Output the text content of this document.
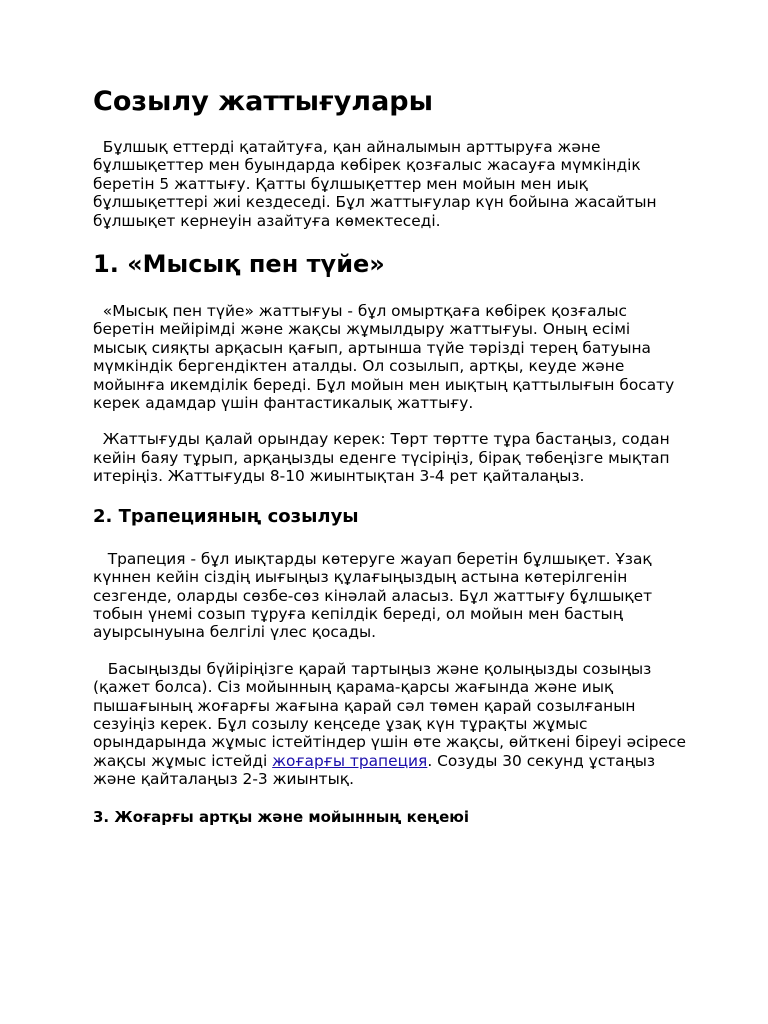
Созылу жаттығулары

Бұлшық еттерді қатайтуға, қан айналымын арттыруға және бұлшықеттер мен буындарда көбірек қозғалыс жасауға мүмкіндік беретін 5 жаттығу. Қатты бұлшықеттер мен мойын мен иық бұлшықеттері жиі кездеседі. Бұл жаттығулар күн бойына жасайтын бұлшықет кернеуін азайтуға көмектеседі.

1. «Мысық пен түйе»

«Мысық пен түйе» жаттығуы - бұл омыртқаға көбірек қозғалыс беретін мейірімді және жақсы жұмылдыру жаттығуы. Оның есімі мысық сияқты арқасын қағып, артынша түйе тәрізді терең батуына мүмкіндік бергендіктен аталды. Ол созылып, артқы, кеуде және мойынға икемділік береді. Бұл мойын мен иықтың қаттылығын босату керек адамдар үшін фантастикалық жаттығу.

Жаттығуды қалай орындау керек: Төрт төртте тұра бастаңыз, содан кейін баяу тұрып, арқаңызды еденге түсіріңіз, бірақ төбеңізге мықтап итеріңіз. Жаттығуды 8-10 жиынтықтан 3-4 рет қайталаңыз.

2. Трапецияның созылуы

Трапеция - бұл иықтарды көтеруге жауап беретін бұлшықет. Ұзақ күннен кейін сіздің иығыңыз құлағыңыздың астына көтерілгенін сезгенде, оларды сөзбе-сөз кінәлай аласыз. Бұл жаттығу бұлшықет тобын үнемі созып тұруға кепілдік береді, ол мойын мен бастың ауырсынуына белгілі үлес қосады.

Басыңызды бүйіріңізге қарай тартыңыз және қолыңызды созыңыз (қажет болса). Сіз мойынның қарама-қарсы жағында және иық пышағының жоғарғы жағына қарай сәл төмен қарай созылғанын сезуіңіз керек. Бұл созылу кеңседе ұзақ күн тұрақты жұмыс орындарында жұмыс істейтіндер үшін өте жақсы, өйткені біреуі әсіресе жақсы жұмыс істейді жоғарғы трапеция. Созуды 30 секунд ұстаңыз және қайталаңыз 2-3 жиынтық.

3. Жоғарғы артқы және мойынның кеңеюі
